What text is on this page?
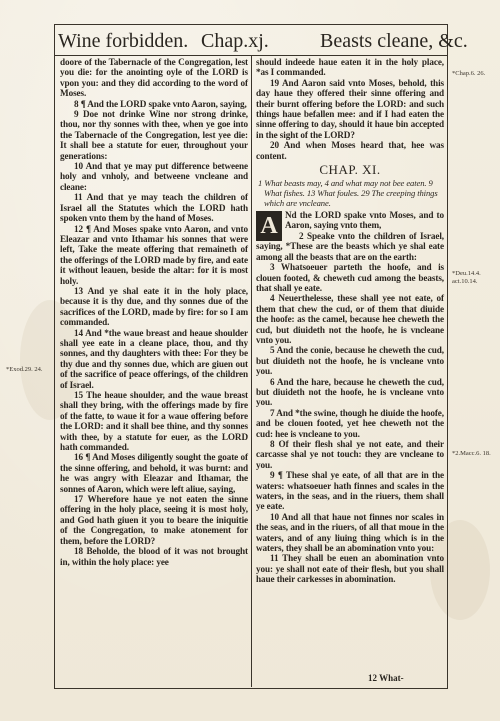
Wine forbidden. Chap.xj.	Beasts cleane, &c.

doore of the Tabernacle of the Congregation, lest you die: for the anointing oyle of the LORD is vpon you: and they did according to the word of Moses.

8 ¶ And the LORD spake vnto Aaron, saying,

9 Doe not drinke Wine nor strong drinke, thou, nor thy sonnes with thee, when ye goe into the Tabernacle of the Congregation, lest yee die: It shall bee a statute for euer, throughout your generations:

10 And that ye may put difference betweene holy and vnholy, and betweene vncleane and cleane:

11 And that ye may teach the children of Israel all the Statutes which the LORD hath spoken vnto them by the hand of Moses.

12 ¶ And Moses spake vnto Aaron, and vnto Eleazar and vnto Ithamar his sonnes that were left, Take the meate offering that remaineth of the offerings of the LORD made by fire, and eate it without leauen, beside the altar: for it is most holy.

13 And ye shal eate it in the holy place, because it is thy due, and thy sonnes due of the sacrifices of the LORD, made by fire: for so I am commanded.

14 And *the waue breast and heaue shoulder shall yee eate in a cleane place, thou, and thy sonnes, and thy daughters with thee: For they be thy due and thy sonnes due, which are giuen out of the sacrifice of peace offerings, of the children of Israel.

15 The heaue shoulder, and the waue breast shall they bring, with the offerings made by fire of the fatte, to waue it for a waue offering before the LORD: and it shall bee thine, and thy sonnes with thee, by a statute for euer, as the LORD hath commanded.

16 ¶ And Moses diligently sought the goate of the sinne offering, and behold, it was burnt: and he was angry with Eleazar and Ithamar, the sonnes of Aaron, which were left aliue, saying,

17 Wherefore haue ye not eaten the sinne offering in the holy place, seeing it is most holy, and God hath giuen it you to beare the iniquitie of the Congregation, to make atonement for them, before the LORD?

18 Beholde, the blood of it was not brought in, within the holy place: yee

should indeede haue eaten it in the holy place, *as I commanded.

19 And Aaron said vnto Moses, behold, this day haue they offered their sinne offering and their burnt offering before the LORD: and such things haue befallen mee: and if I had eaten the sinne offering to day, should it haue bin accepted in the sight of the LORD?

20 And when Moses heard that, hee was content.

CHAP. XI.
1 What beasts may, 4 and what may not bee eaten. 9 What fishes. 13 What foules. 29 The creeping things which are vncleane.
A Nd the LORD spake vnto Moses, and to Aaron, saying vnto them,

2 Speake vnto the children of Israel, saying, *These are the beasts which ye shal eate among all the beasts that are on the earth:

3 Whatsoeuer parteth the hoofe, and is clouen footed, & cheweth cud among the beasts, that shall ye eate.

4 Neuerthelesse, these shall yee not eate, of them that chew the cud, or of them that diuide the hoofe: as the camel, because hee cheweth the cud, but diuideth not the hoofe, he is vncleane vnto you.

5 And the conie, because he cheweth the cud, but diuideth not the hoofe, he is vncleane vnto you.

6 And the hare, because he cheweth the cud, but diuideth not the hoofe, he is vncleane vnto you.

7 And *the swine, though he diuide the hoofe, and be clouen footed, yet hee cheweth not the cud: hee is vncleane to you.

8 Of their flesh shal ye not eate, and their carcasse shal ye not touch: they are vncleane to you.

9 ¶ These shal ye eate, of all that are in the waters: whatsoeuer hath finnes and scales in the waters, in the seas, and in the riuers, them shall ye eate.

10 And all that haue not finnes nor scales in the seas, and in the riuers, of all that moue in the waters, and of any liuing thing which is in the waters, they shall be an abomination vnto you:

11 They shall be euen an abomination vnto you: ye shall not eate of their flesh, but you shall haue their carkesses in abomination.

*Exod.29. 24.
*Chap.6. 26.
*Deu.14.4. act.10.14.
*2.Macc.6. 18.
12 What-
